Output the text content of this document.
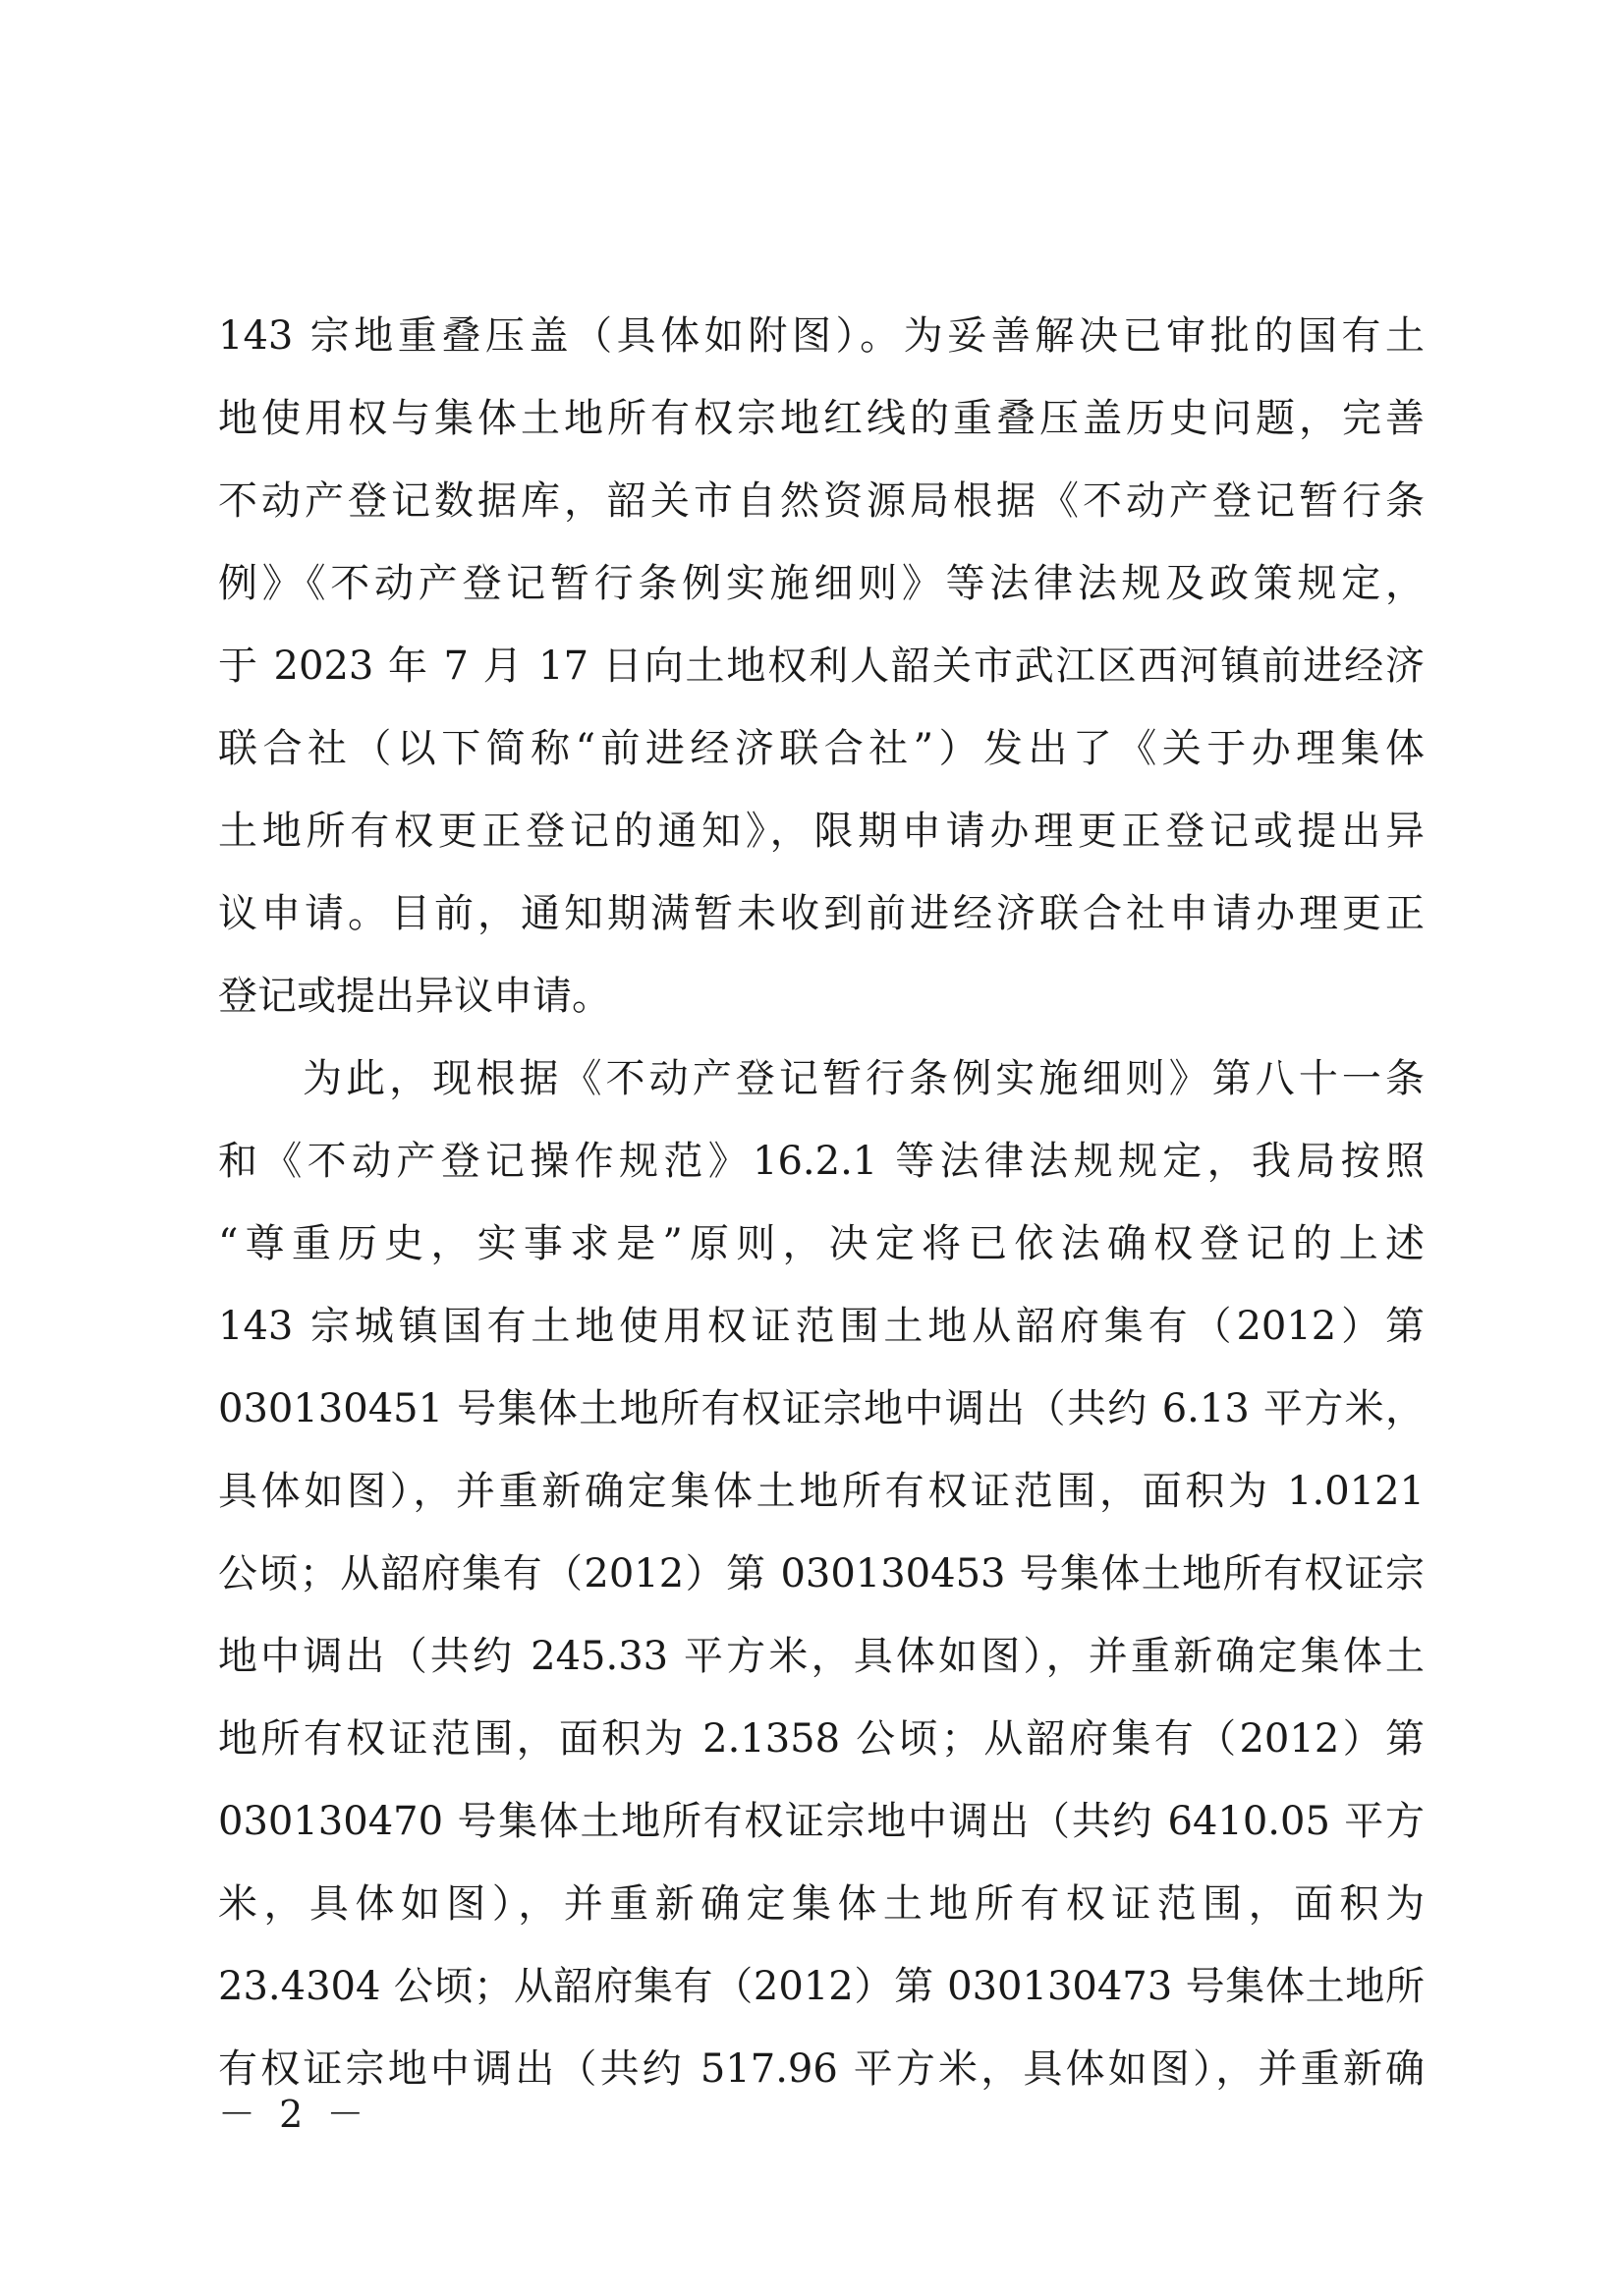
143 宗地重叠压盖（具体如附图）。为妥善解决已审批的国有土
地使用权与集体土地所有权宗地红线的重叠压盖历史问题，完善
不动产登记数据库，韶关市自然资源局根据《不动产登记暂行条
例》《不动产登记暂行条例实施细则》等法律法规及政策规定，
于 2023 年 7 月 17 日向土地权利人韶关市武江区西河镇前进经济
联合社（以下简称“前进经济联合社”）发出了《关于办理集体
土地所有权更正登记的通知》，限期申请办理更正登记或提出异
议申请。目前，通知期满暂未收到前进经济联合社申请办理更正
登记或提出异议申请。
为此，现根据《不动产登记暂行条例实施细则》第八十一条
和《不动产登记操作规范》16.2.1 等法律法规规定，我局按照
“尊重历史，实事求是”原则，决定将已依法确权登记的上述
143 宗城镇国有土地使用权证范围土地从韶府集有（2012）第
030130451 号集体土地所有权证宗地中调出（共约 6.13 平方米，
具体如图），并重新确定集体土地所有权证范围，面积为 1.0121
公顷；从韶府集有（2012）第 030130453 号集体土地所有权证宗
地中调出（共约 245.33 平方米，具体如图），并重新确定集体土
地所有权证范围，面积为 2.1358 公顷；从韶府集有（2012）第
030130470 号集体土地所有权证宗地中调出（共约 6410.05 平方
米，具体如图），并重新确定集体土地所有权证范围，面积为
23.4304 公顷；从韶府集有（2012）第 030130473 号集体土地所
有权证宗地中调出（共约 517.96 平方米，具体如图），并重新确
－ 2 －
